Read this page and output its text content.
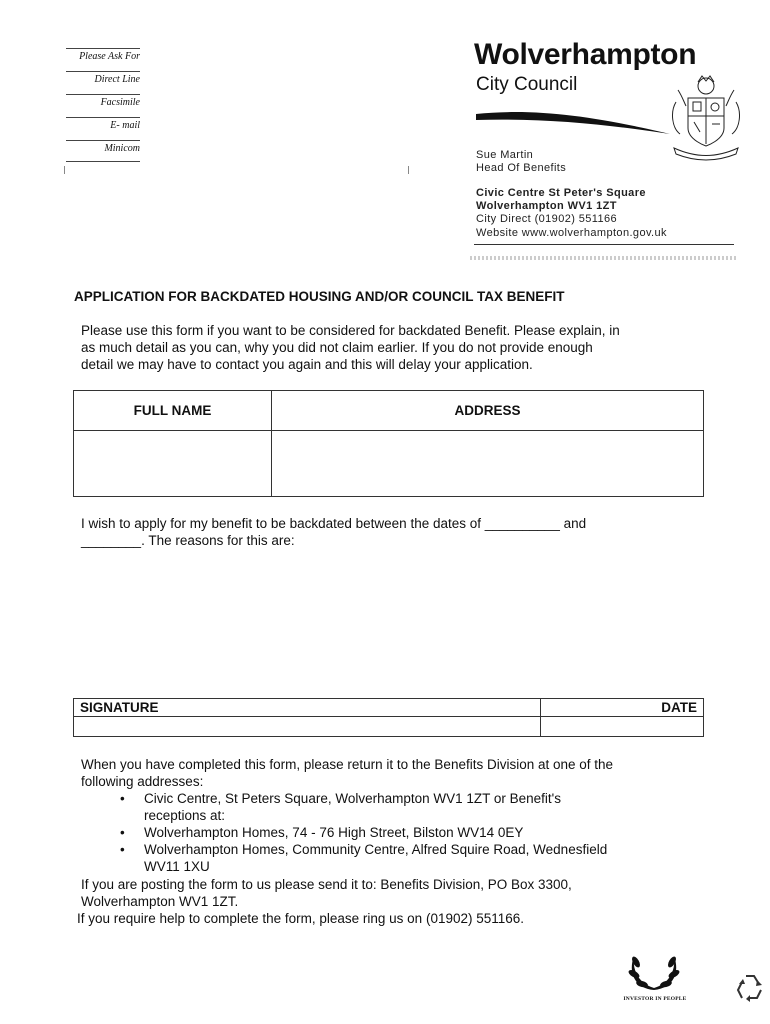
Please Ask For
Direct Line
Facsimile
E- mail
Minicom
Wolverhampton
City Council
Sue Martin
Head Of Benefits
Civic Centre St Peter's Square
Wolverhampton WV1 1ZT
City Direct (01902) 551166
Website www.wolverhampton.gov.uk
APPLICATION FOR BACKDATED HOUSING AND/OR COUNCIL TAX BENEFIT
Please use this form if you want to be considered for backdated Benefit. Please explain, in
as much detail as you can, why you did not claim earlier. If you do not provide enough
detail we may have to contact you again and this will delay your application.
FULL NAME	ADDRESS

I wish to apply for my benefit to be backdated between the dates of __________ and
________. The reasons for this are:
SIGNATURE	DATE

When you have completed this form, please return it to the Benefits Division at one of the
following addresses:
• Civic Centre, St Peters Square, Wolverhampton WV1 1ZT or Benefit's
receptions at:
• Wolverhampton Homes, 74 - 76 High Street, Bilston WV14 0EY
• Wolverhampton Homes, Community Centre, Alfred Squire Road, Wednesfield
WV11 1XU
If you are posting the form to us please send it to: Benefits Division, PO Box 3300,
Wolverhampton WV1 1ZT.
If you require help to complete the form, please ring us on (01902) 551166.
INVESTOR IN PEOPLE
